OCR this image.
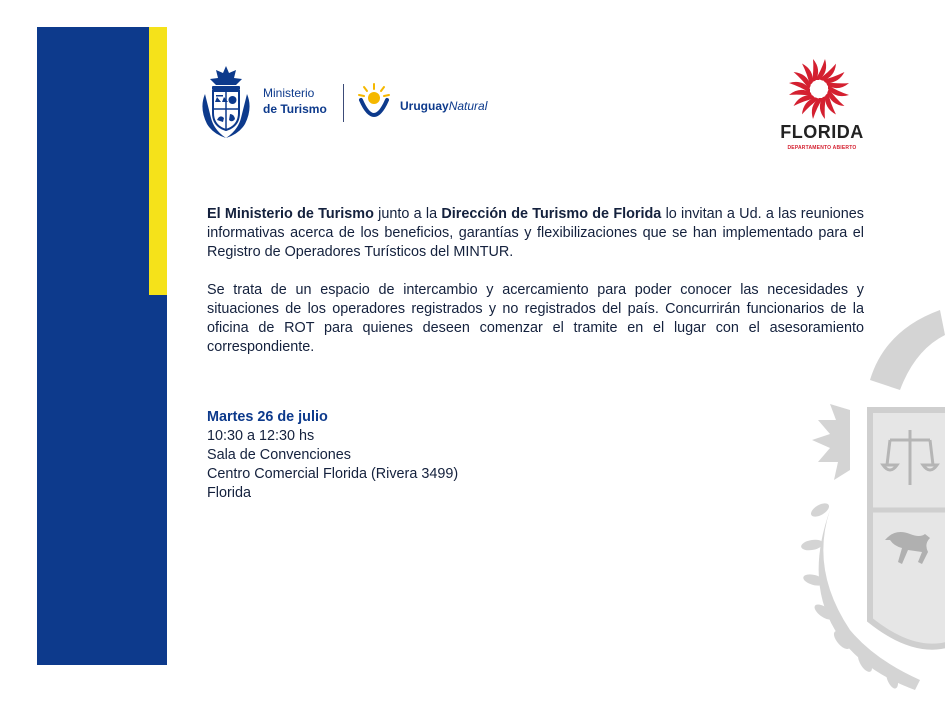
Ministerio
de Turismo	UruguayNatural
FLORIDA
DEPARTAMENTO ABIERTO

El Ministerio de Turismo junto a la Dirección de Turismo de Florida lo invitan a Ud. a las reuniones informativas acerca de los beneficios, garantías y flexibilizaciones que se han implementado para el Registro de Operadores Turísticos del MINTUR.

Se trata de un espacio de intercambio y acercamiento para poder conocer las necesidades y situaciones de los operadores registrados y no registrados del país. Concurrirán funcionarios de la oficina de ROT para quienes deseen comenzar el tramite en el lugar con el asesoramiento correspondiente.

Martes 26 de julio
10:30 a 12:30 hs
Sala de Convenciones
Centro Comercial Florida (Rivera 3499)
Florida
